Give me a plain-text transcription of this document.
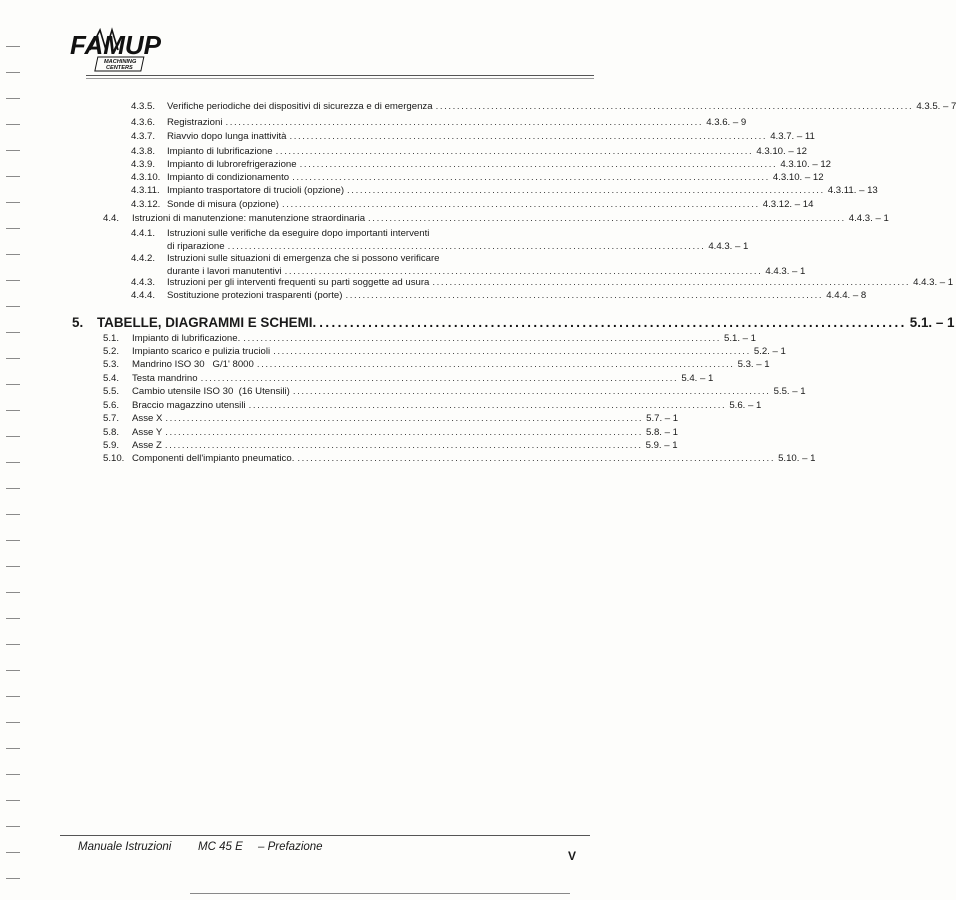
FAMUP
MACHINING
CENTERS
4.3.5.	Verifiche periodiche dei dispositivi di sicurezza e di emergenza ................................................................................................................ 4.3.5. – 7
4.3.6.	Registrazioni ................................................................................................................ 4.3.6. – 9
4.3.7.	Riavvio dopo lunga inattività ................................................................................................................ 4.3.7. – 11
4.3.8.	Impianto di lubrificazione ................................................................................................................ 4.3.10. – 12
4.3.9.	Impianto di lubrorefrigerazione ................................................................................................................ 4.3.10. – 12
4.3.10. Impianto di condizionamento ................................................................................................................ 4.3.10. – 12
4.3.11. Impianto trasportatore di trucioli (opzione) ................................................................................................................ 4.3.11. – 13
4.3.12. Sonde di misura (opzione) ................................................................................................................ 4.3.12. – 14
4.4.	Istruzioni di manutenzione: manutenzione straordinaria ................................................................................................................ 4.4.3. – 1
4.4.1. Istruzioni sulle verifiche da eseguire dopo importanti interventi
di riparazione ................................................................................................................ 4.4.3. – 1
4.4.2. Istruzioni sulle situazioni di emergenza che si possono verificare
durante i lavori manutentivi ................................................................................................................ 4.4.3. – 1
4.4.3.	Istruzioni per gli interventi frequenti su parti soggette ad usura ................................................................................................................ 4.4.3. – 1
4.4.4.	Sostituzione protezioni trasparenti (porte) ................................................................................................................ 4.4.4. – 8
5.	TABELLE, DIAGRAMMI E SCHEMI. ................................................................................................ 5.1. – 1
5.1.	Impianto di lubrificazione. ................................................................................................................ 5.1. – 1
5.2.	Impianto scarico e pulizia trucioli ................................................................................................................ 5.2. – 1
5.3.	Mandrino ISO 30   G/1' 8000 ................................................................................................................ 5.3. – 1
5.4.	Testa mandrino ................................................................................................................ 5.4. – 1
5.5.	Cambio utensile ISO 30  (16 Utensili) ................................................................................................................ 5.5. – 1
5.6.	Braccio magazzino utensili ................................................................................................................ 5.6. – 1
5.7.	Asse X ................................................................................................................ 5.7. – 1
5.8.	Asse Y ................................................................................................................ 5.8. – 1
5.9.	Asse Z ................................................................................................................ 5.9. – 1
5.10. Componenti dell'impianto pneumatico. ................................................................................................................ 5.10. – 1
Manuale Istruzioni MC 45 E – Prefazione
V
